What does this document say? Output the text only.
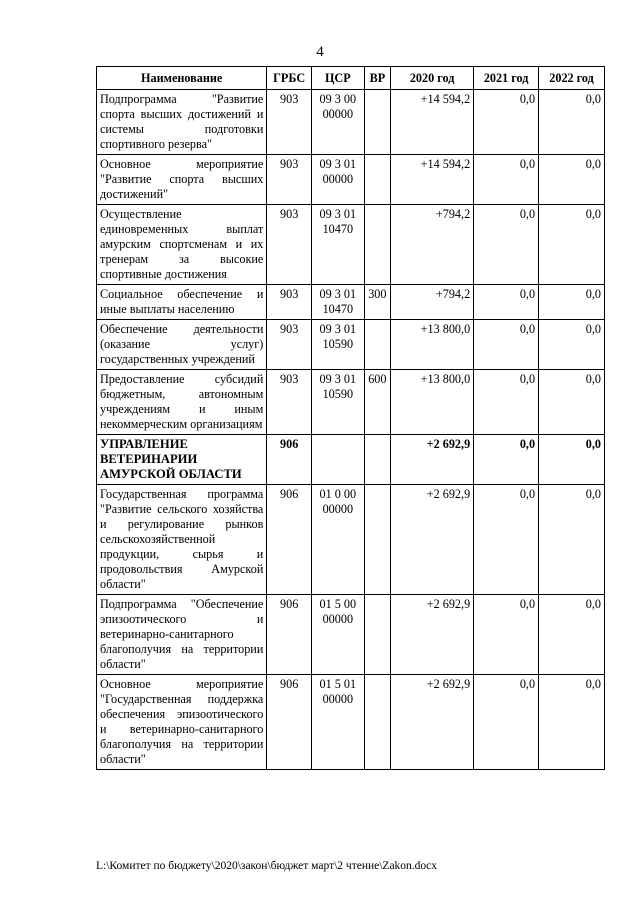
4
Наименование	ГРБС	ЦСР	ВР	2020 год	2021 год	2022 год
Подпрограмма "Развитие спорта высших достижений и системы подготовки спортивного резерва"	903	09 3 00 00000		+14 594,2	0,0	0,0
Основное мероприятие "Развитие спорта высших достижений"	903	09 3 01 00000		+14 594,2	0,0	0,0
Осуществление единовременных выплат амурским спортсменам и их тренерам за высокие спортивные достижения	903	09 3 01 10470		+794,2	0,0	0,0
Социальное обеспечение и иные выплаты населению	903	09 3 01 10470	300	+794,2	0,0	0,0
Обеспечение деятельности (оказание услуг) государственных учреждений	903	09 3 01 10590		+13 800,0	0,0	0,0
Предоставление субсидий бюджетным, автономным учреждениям и иным некоммерческим организациям	903	09 3 01 10590	600	+13 800,0	0,0	0,0
УПРАВЛЕНИЕ ВЕТЕРИНАРИИ АМУРСКОЙ ОБЛАСТИ	906			+2 692,9	0,0	0,0
Государственная программа "Развитие сельского хозяйства и регулирование рынков сельскохозяйственной продукции, сырья и продовольствия Амурской области"	906	01 0 00 00000		+2 692,9	0,0	0,0
Подпрограмма "Обеспечение эпизоотического и ветеринарно-санитарного благополучия на территории области"	906	01 5 00 00000		+2 692,9	0,0	0,0
Основное мероприятие "Государственная поддержка обеспечения эпизоотического и ветеринарно-санитарного благополучия на территории области"	906	01 5 01 00000		+2 692,9	0,0	0,0
L:\Комитет по бюджету\2020\закон\бюджет март\2 чтение\Zakon.docx
